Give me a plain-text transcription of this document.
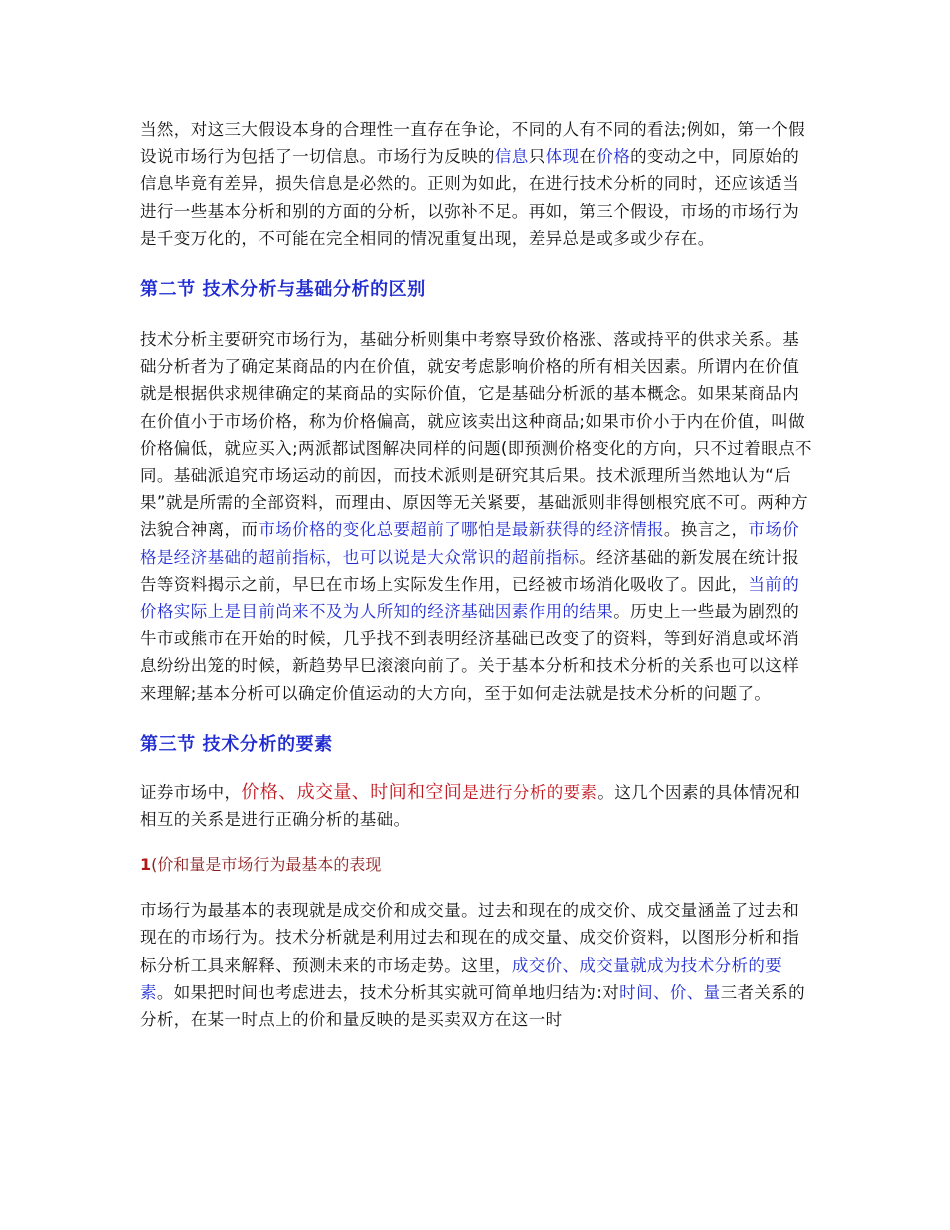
当然，对这三大假设本身的合理性一直存在争论，不同的人有不同的看法;例如，第一个假设说市场行为包括了一切信息。市场行为反映的信息只体现在价格的变动之中，同原始的信息毕竟有差异，损失信息是必然的。正则为如此，在进行技术分析的同时，还应该适当进行一些基本分析和别的方面的分析，以弥补不足。再如，第三个假设，市场的市场行为是千变万化的，不可能在完全相同的情况重复出现，差异总是或多或少存在。

第二节 技术分析与基础分析的区别

技术分析主要研究市场行为，基础分析则集中考察导致价格涨、落或持平的供求关系。基础分析者为了确定某商品的内在价值，就安考虑影响价格的所有相关因素。所谓内在价值就是根据供求规律确定的某商品的实际价值，它是基础分析派的基本概念。如果某商品内在价值小于市场价格，称为价格偏高，就应该卖出这种商品;如果市价小于内在价值，叫做价格偏低，就应买入;两派都试图解决同样的问题(即预测价格变化的方向，只不过着眼点不同。基础派追究市场运动的前因，而技术派则是研究其后果。技术派理所当然地认为“后果”就是所需的全部资料，而理由、原因等无关紧要，基础派则非得刨根究底不可。两种方法貌合神离，而市场价格的变化总要超前了哪怕是最新获得的经济情报。换言之，市场价格是经济基础的超前指标，也可以说是大众常识的超前指标。经济基础的新发展在统计报告等资料揭示之前，早巳在市场上实际发生作用，已经被市场消化吸收了。因此，当前的价格实际上是目前尚来不及为人所知的经济基础因素作用的结果。历史上一些最为剧烈的牛市或熊市在开始的时候，几乎找不到表明经济基础已改变了的资料，等到好消息或坏消息纷纷出笼的时候，新趋势早巳滚滚向前了。关于基本分析和技术分析的关系也可以这样来理解;基本分析可以确定价值运动的大方向，至于如何走法就是技术分析的问题了。

第三节 技术分析的要素

证券市场中，价格、成交量、时间和空间是进行分析的要素。这几个因素的具体情况和相互的关系是进行正确分析的基础。

1(价和量是市场行为最基本的表现

市场行为最基本的表现就是成交价和成交量。过去和现在的成交价、成交量涵盖了过去和现在的市场行为。技术分析就是利用过去和现在的成交量、成交价资料，以图形分析和指标分析工具来解释、预测未来的市场走势。这里，成交价、成交量就成为技术分析的要素。如果把时间也考虑进去，技术分析其实就可简单地归结为:对时间、价、量三者关系的分析，在某一时点上的价和量反映的是买卖双方在这一时
